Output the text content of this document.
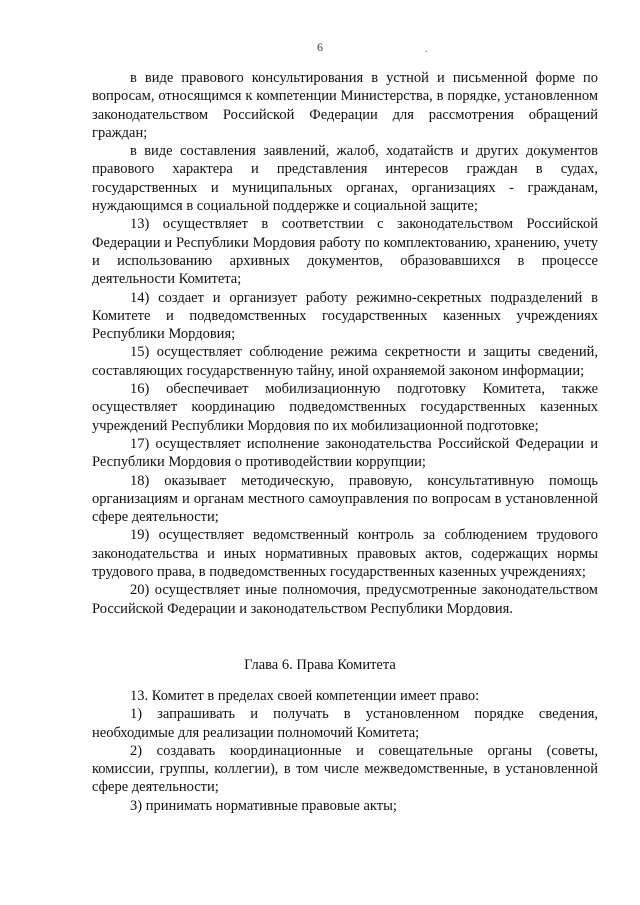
6	.

в виде правового консультирования в устной и письменной форме по вопросам, относящимся к компетенции Министерства, в порядке, установленном законодательством Российской Федерации для рассмотрения обращений граждан;

в виде составления заявлений, жалоб, ходатайств и других документов правового характера и представления интересов граждан в судах, государственных и муниципальных органах, организациях - гражданам, нуждающимся в социальной поддержке и социальной защите;

13) осуществляет в соответствии с законодательством Российской Федерации и Республики Мордовия работу по комплектованию, хранению, учету и использованию архивных документов, образовавшихся в процессе деятельности Комитета;

14) создает и организует работу режимно-секретных подразделений в Комитете и подведомственных государственных казенных учреждениях Республики Мордовия;

15) осуществляет соблюдение режима секретности и защиты сведений, составляющих государственную тайну, иной охраняемой законом информации;

16) обеспечивает мобилизационную подготовку Комитета, также осуществляет координацию подведомственных государственных казенных учреждений Республики Мордовия по их мобилизационной подготовке;

17) осуществляет исполнение законодательства Российской Федерации и Республики Мордовия о противодействии коррупции;

18) оказывает методическую, правовую, консультативную помощь организациям и органам местного самоуправления по вопросам в установленной сфере деятельности;

19) осуществляет ведомственный контроль за соблюдением трудового законодательства и иных нормативных правовых актов, содержащих нормы трудового права, в подведомственных государственных казенных учреждениях;

20) осуществляет иные полномочия, предусмотренные законодательством Российской Федерации и законодательством Республики Мордовия.

Глава 6. Права Комитета

13. Комитет в пределах своей компетенции имеет право:

1) запрашивать и получать в установленном порядке сведения, необходимые для реализации полномочий Комитета;

2) создавать координационные и совещательные органы (советы, комиссии, группы, коллегии), в том числе межведомственные, в установленной сфере деятельности;

3) принимать нормативные правовые акты;
